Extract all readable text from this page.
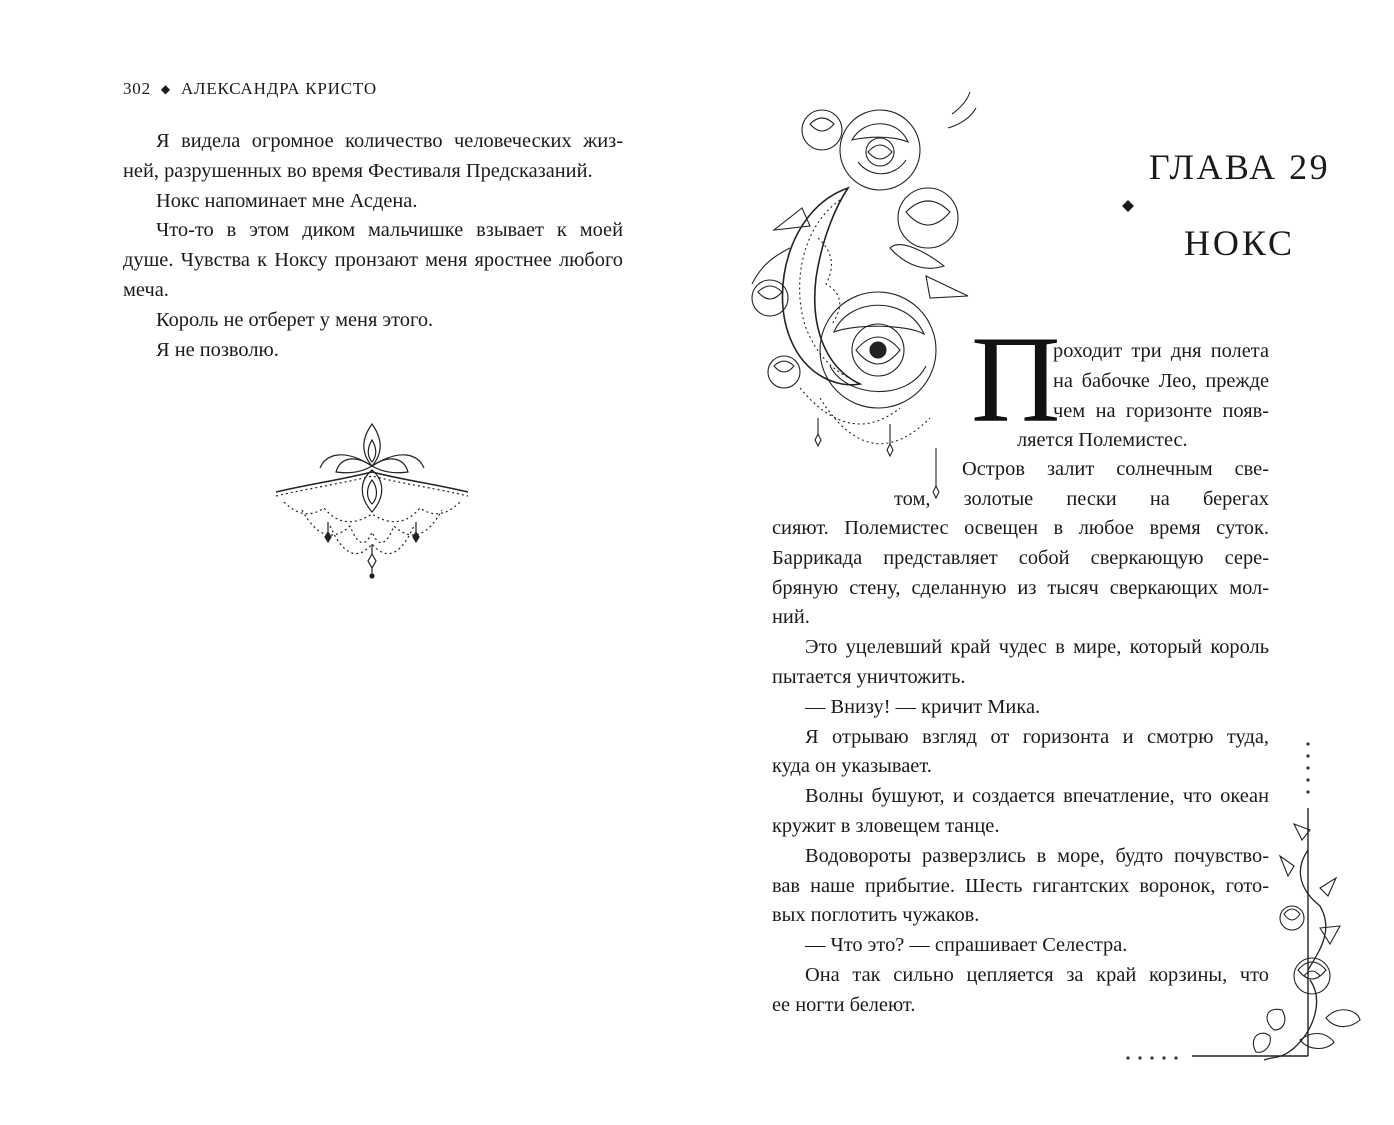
302 ◆ АЛЕКСАНДРА КРИСТО

Я видела огромное количество человеческих жиз-
ней, разрушенных во время Фестиваля Предсказаний.

Нокс напоминает мне Асдена.

Что-то в этом диком мальчишке взывает к моей
душе. Чувства к Ноксу пронзают меня яростнее любого
меча.

Король не отберет у меня этого.

Я не позволю.

ГЛАВА 29
НОКС
П
роходит три дня полета
на бабочке Лео, прежде
чем на горизонте появ-
ляется Полемистес.
Остров залит солнечным све-
том, золотые пески на берегах
сияют. Полемистес освещен в любое время суток.
Баррикада представляет собой сверкающую сере-
бряную стену, сделанную из тысяч сверкающих мол-
ний.

Это уцелевший край чудес в мире, который король
пытается уничтожить.

— Внизу! — кричит Мика.

Я отрываю взгляд от горизонта и смотрю туда,
куда он указывает.

Волны бушуют, и создается впечатление, что океан
кружит в зловещем танце.

Водовороты разверзлись в море, будто почувство-
вав наше прибытие. Шесть гигантских воронок, гото-
вых поглотить чужаков.

— Что это? — спрашивает Селестра.

Она так сильно цепляется за край корзины, что
ее ногти белеют.
